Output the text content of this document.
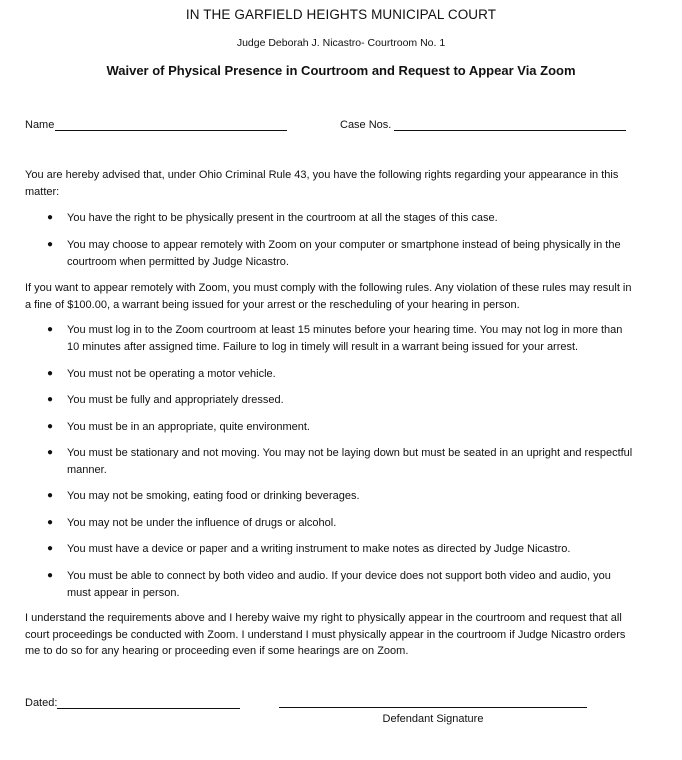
IN THE GARFIELD HEIGHTS MUNICIPAL COURT
Judge Deborah J. Nicastro- Courtroom No. 1
Waiver of Physical Presence in Courtroom and Request to Appear Via Zoom
Name	Case Nos.
You are hereby advised that, under Ohio Criminal Rule 43, you have the following rights regarding your appearance in this matter:
● You have the right to be physically present in the courtroom at all the stages of this case.
● You may choose to appear remotely with Zoom on your computer or smartphone instead of being physically in the courtroom when permitted by Judge Nicastro.
If you want to appear remotely with Zoom, you must comply with the following rules. Any violation of these rules may result in a fine of $100.00, a warrant being issued for your arrest or the rescheduling of your hearing in person.
● You must log in to the Zoom courtroom at least 15 minutes before your hearing time. You may not log in more than 10 minutes after assigned time. Failure to log in timely will result in a warrant being issued for your arrest.
● You must not be operating a motor vehicle.
● You must be fully and appropriately dressed.
● You must be in an appropriate, quite environment.
● You must be stationary and not moving. You may not be laying down but must be seated in an upright and respectful manner.
● You may not be smoking, eating food or drinking beverages.
● You may not be under the influence of drugs or alcohol.
● You must have a device or paper and a writing instrument to make notes as directed by Judge Nicastro.
● You must be able to connect by both video and audio. If your device does not support both video and audio, you must appear in person.
I understand the requirements above and I hereby waive my right to physically appear in the courtroom and request that all court proceedings be conducted with Zoom. I understand I must physically appear in the courtroom if Judge Nicastro orders me to do so for any hearing or proceeding even if some hearings are on Zoom.
Dated:
Defendant Signature
